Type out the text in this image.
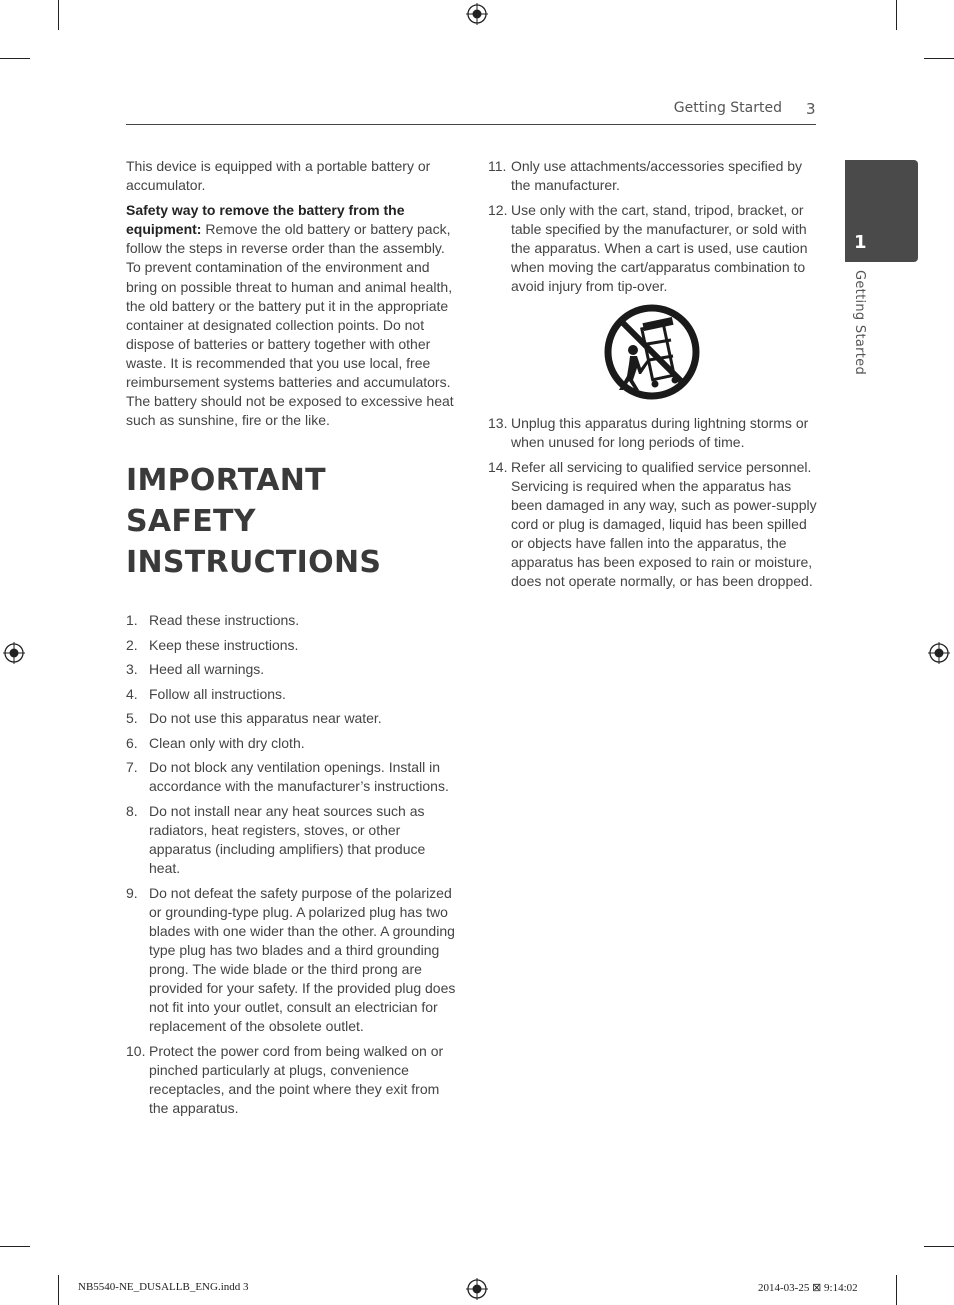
Getting Started 3
1
Getting Started

This device is equipped with a portable battery or accumulator.

Safety way to remove the battery from the equipment: Remove the old battery or battery pack, follow the steps in reverse order than the assembly. To prevent contamination of the environment and bring on possible threat to human and animal health, the old battery or the battery put it in the appropriate container at designated collection points. Do not dispose of batteries or battery together with other waste. It is recommended that you use local, free reimbursement systems batteries and accumulators. The battery should not be exposed to excessive heat such as sunshine, fire or the like.

IMPORTANT SAFETY INSTRUCTIONS
1. Read these instructions.
2. Keep these instructions.
3. Heed all warnings.
4. Follow all instructions.
5. Do not use this apparatus near water.
6. Clean only with dry cloth.
7. Do not block any ventilation openings. Install in accordance with the manufacturer’s instructions.
8. Do not install near any heat sources such as radiators, heat registers, stoves, or other apparatus (including amplifiers) that produce heat.
9. Do not defeat the safety purpose of the polarized or grounding-type plug. A polarized plug has two blades with one wider than the other. A grounding type plug has two blades and a third grounding prong. The wide blade or the third prong are provided for your safety. If the provided plug does not fit into your outlet, consult an electrician for replacement of the obsolete outlet.
10. Protect the power cord from being walked on or pinched particularly at plugs, convenience receptacles, and the point where they exit from the apparatus.
11. Only use attachments/accessories specified by the manufacturer.
12. Use only with the cart, stand, tripod, bracket, or table specified by the manufacturer, or sold with the apparatus. When a cart is used, use caution when moving the cart/apparatus combination to avoid injury from tip-over.
13. Unplug this apparatus during lightning storms or when unused for long periods of time.
14. Refer all servicing to qualified service personnel. Servicing is required when the apparatus has been damaged in any way, such as power-supply cord or plug is damaged, liquid has been spilled or objects have fallen into the apparatus, the apparatus has been exposed to rain or moisture, does not operate normally, or has been dropped.
NB5540-NE_DUSALLB_ENG.indd 3	2014-03-25 ⊠ 9:14:02
